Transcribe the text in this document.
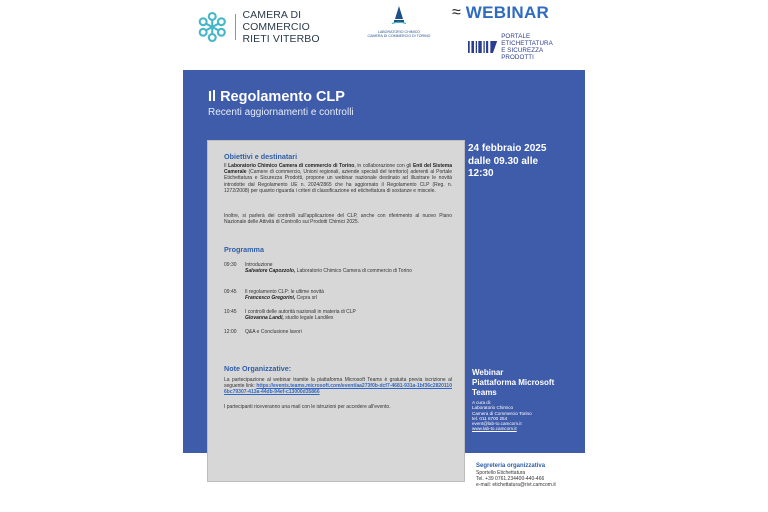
CAMERA DI COMMERCIO
RIETI VITERBO
LABORATORIO CHIMICO
CAMERA DI COMMERCIO DI TORINO
≈ WEBINAR
PORTALE ETICHETTATURA
E SICUREZZA PRODOTTI
Il Regolamento CLP
Recenti aggiornamenti e controlli
Obiettivi e destinatari
Il Laboratorio Chimico Camera di commercio di Torino, in collaborazione con gli Enti del Sistema Camerale (Camere di commercio, Unioni regionali, aziende speciali del territorio) aderenti al Portale Etichettatura e Sicurezza Prodotti, propone un webinar nazionale destinato ad illustrare le novità introdotte dal Regolamento UE n. 2024/2865 che ha aggiornato il Regolamento CLP (Reg. n. 1272/2008) per quanto riguarda i criteri di classificazione ed etichettatura di sostanze e miscele.
Inoltre, si parlerà dei controlli sull'applicazione del CLP, anche con riferimento al nuovo Piano Nazionale delle Attività di Controllo sui Prodotti Chimici 2025.
Programma
09:30	Introduzione
Salvatore Capozzolo, Laboratorio Chimico Camera di commercio di Torino
09:45	Il regolamento CLP: le ultime novità
Francesco Gregorini, Cepra srl
10:45	I controlli delle autorità nazionali in materia di CLP
Giovanna Landi, studio legale Landilex
12:00	Q&A e Conclusione lavori
Note Organizzative:
La partecipazione al webinar tramite la piattaforma Microsoft Teams è gratuita previa iscrizione al seguente link: https://events.teams.microsoft.com/event/aa273f0b-dcf7-4681-931a-1bf36c28201106bc79307-413a-44db-94ef-c13000d35866
I partecipanti riceveranno una mail con le istruzioni per accedere all'evento.
24 febbraio 2025
dalle 09.30 alle
12:30
Webinar
Piattaforma Microsoft
Teams
A cura di:
Laboratorio Chimico
Camera di Commercio Torino
tel. 011 6700 254
event@lab-to.camcom.it
www.lab-to.camcom.it
Segreteria organizzativa
Sportello Etichettatura
Tel. +39 0761.234400-440-466
e-mail: etichettatura@rivt.camcom.it
